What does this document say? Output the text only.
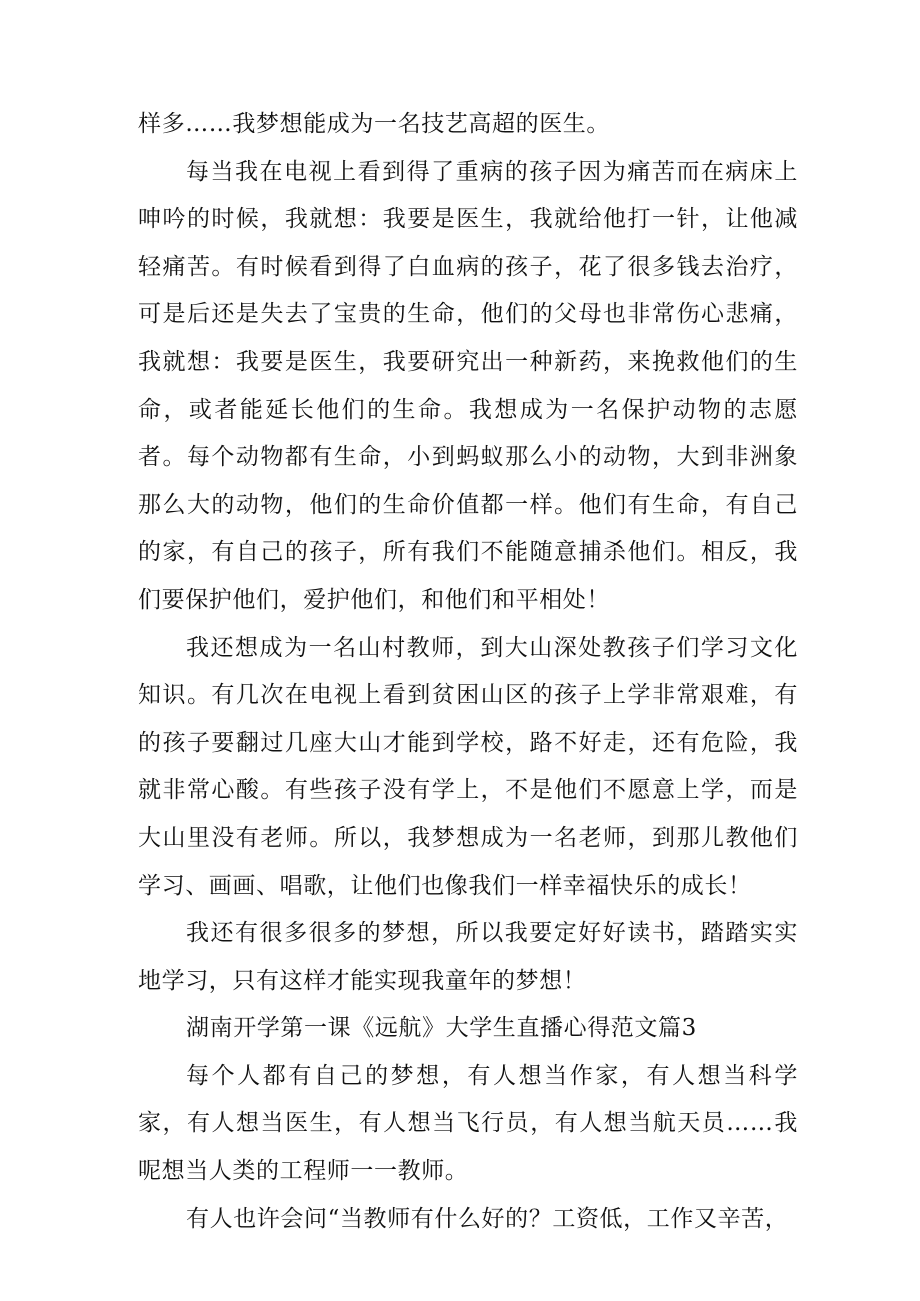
样多……我梦想能成为一名技艺高超的医生。

每当我在电视上看到得了重病的孩子因为痛苦而在病床上呻吟的时候，我就想：我要是医生，我就给他打一针，让他减轻痛苦。有时候看到得了白血病的孩子，花了很多钱去治疗，可是后还是失去了宝贵的生命，他们的父母也非常伤心悲痛，我就想：我要是医生，我要研究出一种新药，来挽救他们的生命，或者能延长他们的生命。我想成为一名保护动物的志愿者。每个动物都有生命，小到蚂蚁那么小的动物，大到非洲象那么大的动物，他们的生命价值都一样。他们有生命，有自己的家，有自己的孩子，所有我们不能随意捕杀他们。相反，我们要保护他们，爱护他们，和他们和平相处！

我还想成为一名山村教师，到大山深处教孩子们学习文化知识。有几次在电视上看到贫困山区的孩子上学非常艰难，有的孩子要翻过几座大山才能到学校，路不好走，还有危险，我就非常心酸。有些孩子没有学上，不是他们不愿意上学，而是大山里没有老师。所以，我梦想成为一名老师，到那儿教他们学习、画画、唱歌，让他们也像我们一样幸福快乐的成长！

我还有很多很多的梦想，所以我要定好好读书，踏踏实实地学习，只有这样才能实现我童年的梦想！

湖南开学第一课《远航》大学生直播心得范文篇3

每个人都有自己的梦想，有人想当作家，有人想当科学家，有人想当医生，有人想当飞行员，有人想当航天员……我呢想当人类的工程师一一教师。

有人也许会问“当教师有什么好的？工资低，工作又辛苦，
